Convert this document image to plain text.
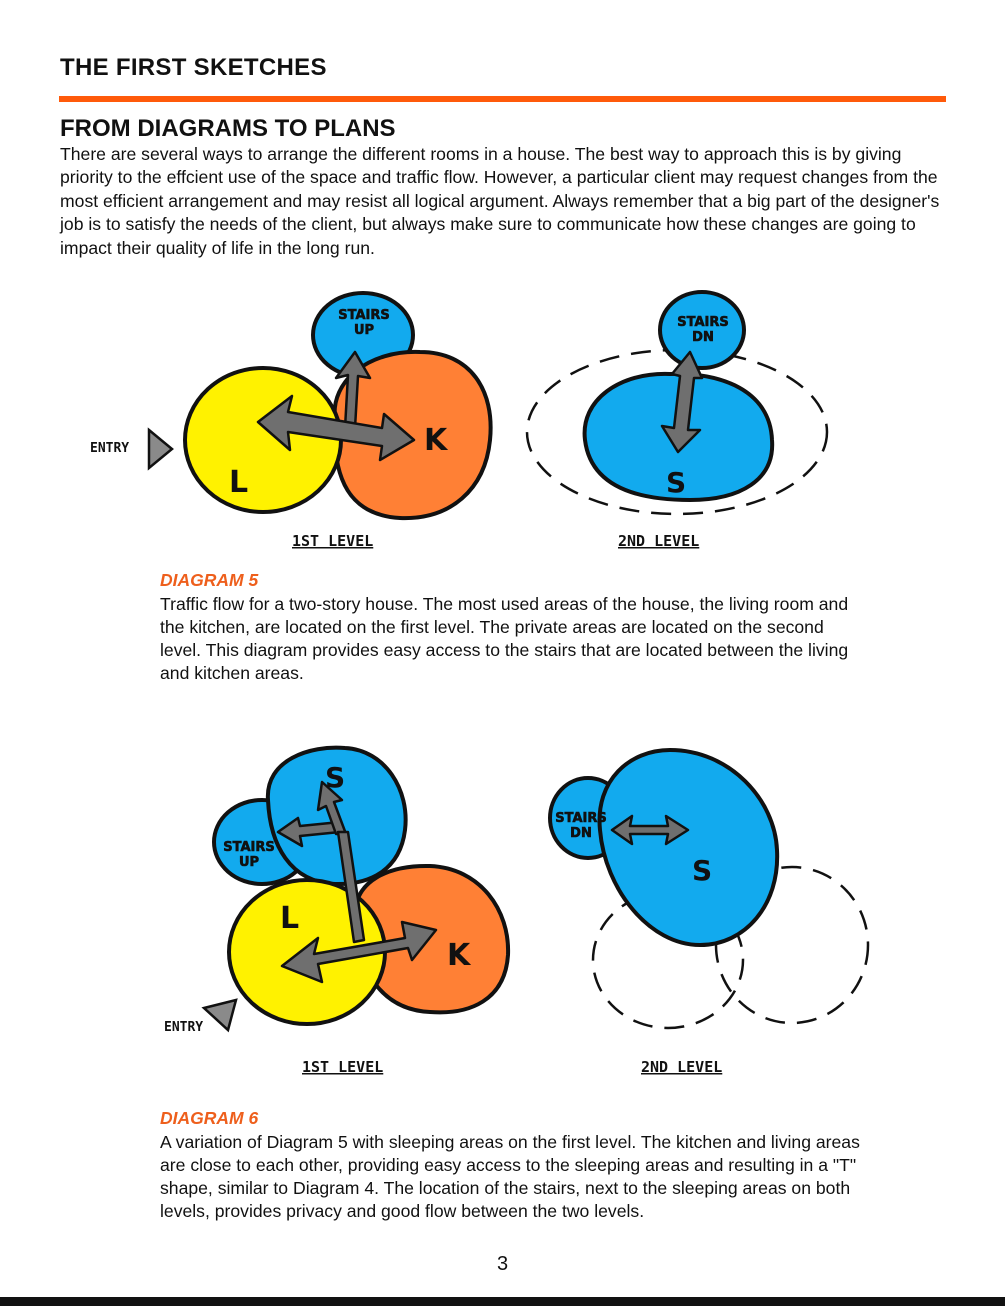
THE FIRST SKETCHES
FROM DIAGRAMS TO PLANS

There are several ways to arrange the different rooms in a house. The best way to approach this is by giving priority to the effcient use of the space and traffic flow. However, a particular client may request changes from the most efficient arrangement and may resist all logical argument. Always remember that a big part of the designer's job is to satisfy the needs of the client, but always make sure to communicate how these changes are going to impact their quality of life in the long run.

ENTRY
L
K
STAIRS
UP
S
STAIRS
DN
1ST LEVEL	2ND LEVEL

DIAGRAM 5

Traffic flow for a two-story house. The most used areas of the house, the living room and the kitchen, are located on the first level. The private areas are located on the second level. This diagram provides easy access to the stairs that are located between the living and kitchen areas.

ENTRY
S
L
K
STAIRS
UP	S
STAIRS
DN
1ST LEVEL	2ND LEVEL

DIAGRAM 6

A variation of Diagram 5 with sleeping areas on the first level. The kitchen and living areas are close to each other, providing easy access to the sleeping areas and resulting in a "T" shape, similar to Diagram 4. The location of the stairs, next to the sleeping areas on both levels, provides privacy and good flow between the two levels.

3
